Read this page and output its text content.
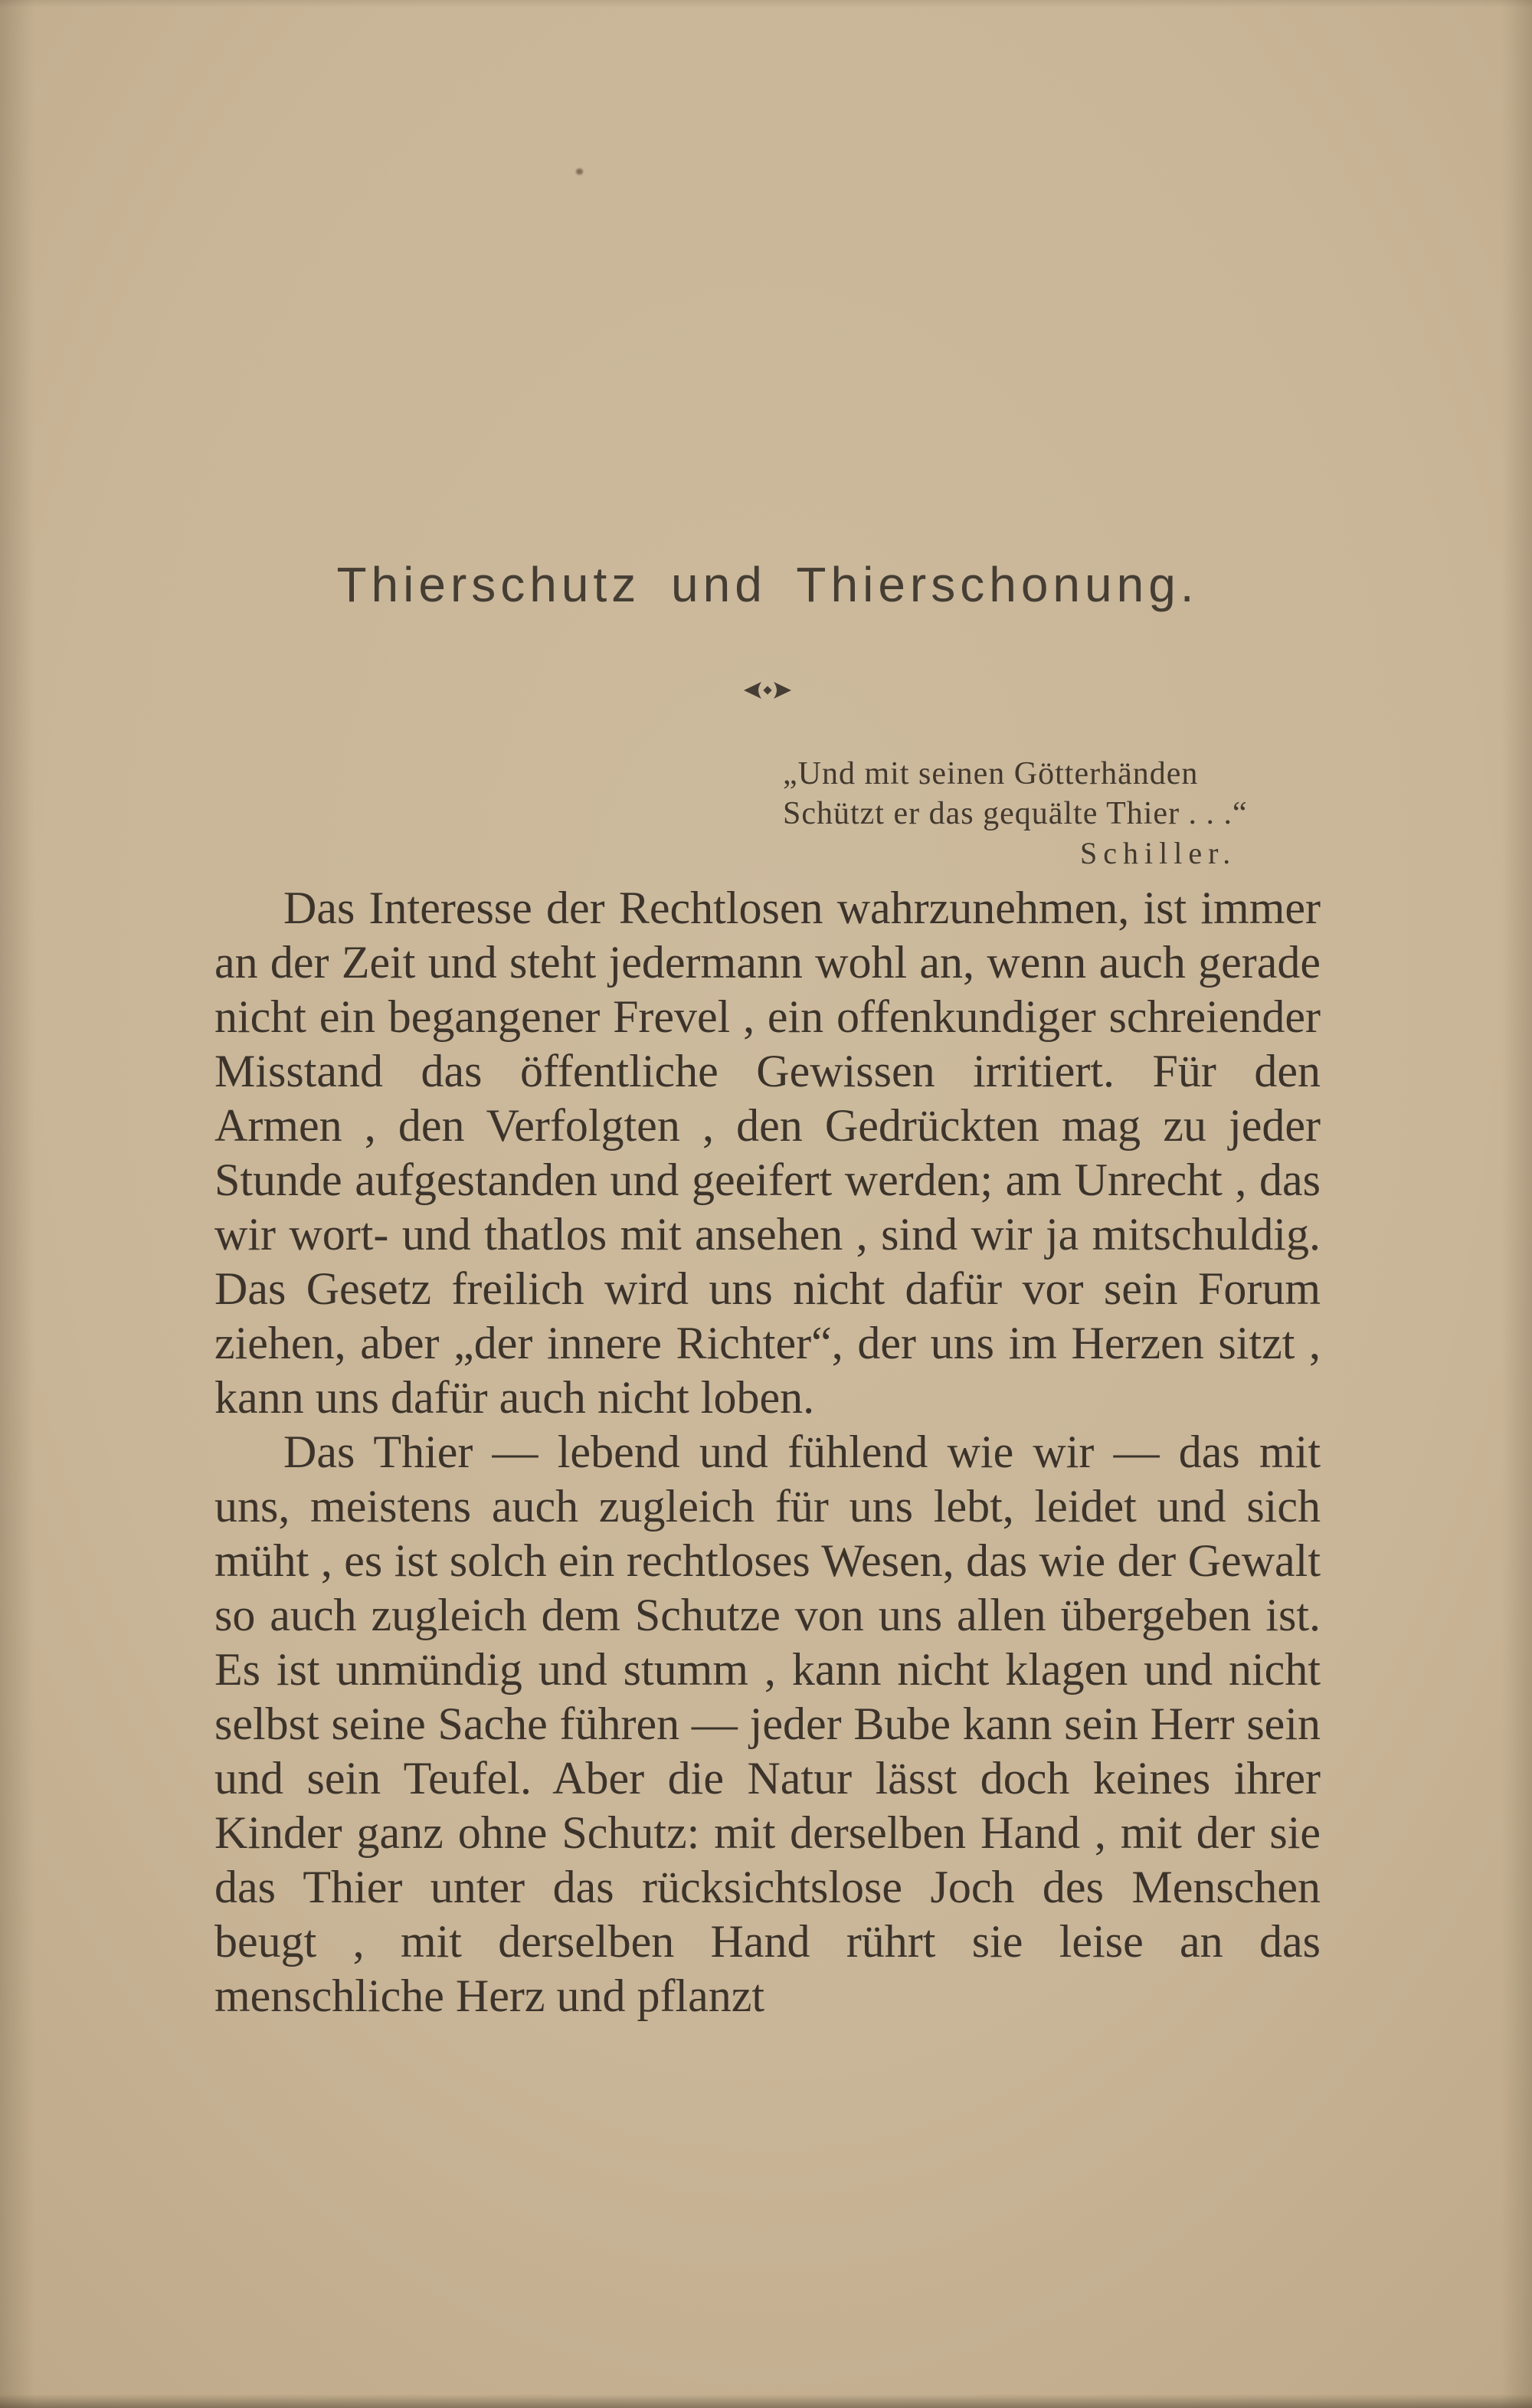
Thierschutz und Thierschonung.
„Und mit seinen Götterhänden
Schützt er das gequälte Thier . . .“
Schiller.

Das Interesse der Rechtlosen wahrzunehmen, ist immer an der Zeit und steht jedermann wohl an, wenn auch gerade nicht ein begangener Frevel , ein offenkundiger schreiender Misstand das öffentliche Gewissen irritiert. Für den Armen , den Verfolgten , den Gedrückten mag zu jeder Stunde aufgestanden und geeifert werden; am Unrecht , das wir wort- und thatlos mit ansehen , sind wir ja mitschuldig. Das Gesetz freilich wird uns nicht dafür vor sein Forum ziehen, aber „der innere Richter“, der uns im Herzen sitzt , kann uns dafür auch nicht loben.

Das Thier — lebend und fühlend wie wir — das mit uns, meistens auch zugleich für uns lebt, leidet und sich müht , es ist solch ein rechtloses Wesen, das wie der Gewalt so auch zugleich dem Schutze von uns allen übergeben ist. Es ist unmündig und stumm , kann nicht klagen und nicht selbst seine Sache führen — jeder Bube kann sein Herr sein und sein Teufel. Aber die Natur lässt doch keines ihrer Kinder ganz ohne Schutz: mit derselben Hand , mit der sie das Thier unter das rücksichtslose Joch des Menschen beugt , mit derselben Hand rührt sie leise an das menschliche Herz und pflanzt
